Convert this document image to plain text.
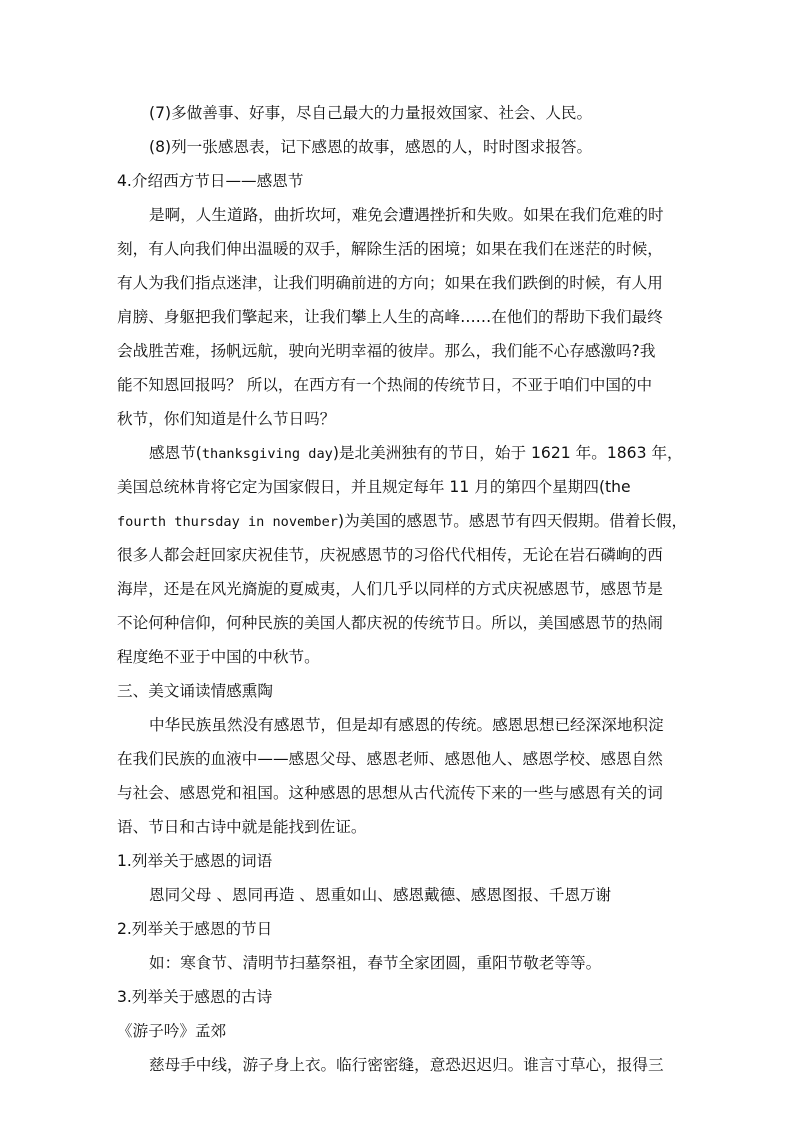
(7)多做善事、好事，尽自己最大的力量报效国家、社会、人民。
(8)列一张感恩表，记下感恩的故事，感恩的人，时时图求报答。
4.介绍西方节日——感恩节
是啊，人生道路，曲折坎坷，难免会遭遇挫折和失败。如果在我们危难的时
刻，有人向我们伸出温暖的双手，解除生活的困境；如果在我们在迷茫的时候，
有人为我们指点迷津，让我们明确前进的方向；如果在我们跌倒的时候，有人用
肩膀、身躯把我们擎起来，让我们攀上人生的高峰……在他们的帮助下我们最终
会战胜苦难，扬帆远航，驶向光明幸福的彼岸。那么，我们能不心存感激吗?我
能不知恩回报吗？ 所以，在西方有一个热闹的传统节日，不亚于咱们中国的中
秋节，你们知道是什么节日吗？
感恩节(thanksgiving day)是北美洲独有的节日，始于 1621 年。1863 年，
美国总统林肯将它定为国家假日，并且规定每年 11 月的第四个星期四(the
fourth thursday in november)为美国的感恩节。感恩节有四天假期。借着长假，
很多人都会赶回家庆祝佳节，庆祝感恩节的习俗代代相传，无论在岩石磷峋的西
海岸，还是在风光旖旎的夏威夷，人们几乎以同样的方式庆祝感恩节，感恩节是
不论何种信仰，何种民族的美国人都庆祝的传统节日。所以，美国感恩节的热闹
程度绝不亚于中国的中秋节。
三、美文诵读情感熏陶
中华民族虽然没有感恩节，但是却有感恩的传统。感恩思想已经深深地积淀
在我们民族的血液中——感恩父母、感恩老师、感恩他人、感恩学校、感恩自然
与社会、感恩党和祖国。这种感恩的思想从古代流传下来的一些与感恩有关的词
语、节日和古诗中就是能找到佐证。
1.列举关于感恩的词语
恩同父母 、恩同再造 、恩重如山、感恩戴德、感恩图报、千恩万谢
2.列举关于感恩的节日
如：寒食节、清明节扫墓祭祖，春节全家团圆，重阳节敬老等等。
3.列举关于感恩的古诗
《游子吟》孟郊
慈母手中线，游子身上衣。临行密密缝，意恐迟迟归。谁言寸草心，报得三
